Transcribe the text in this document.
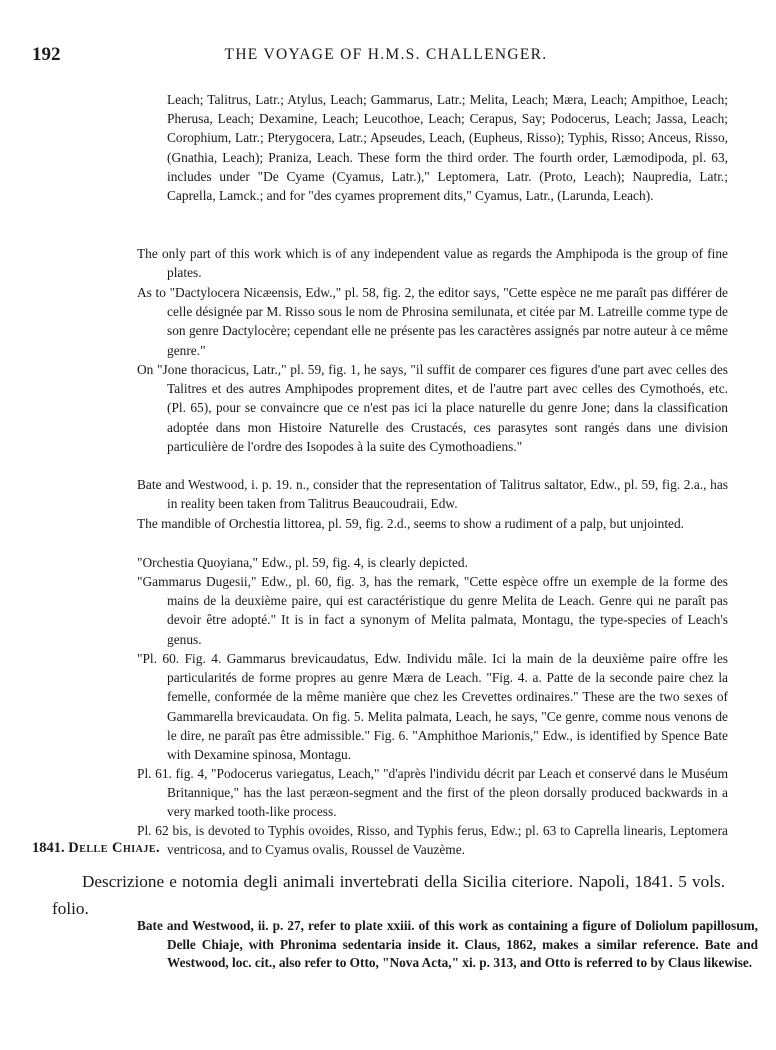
192	THE VOYAGE OF H.M.S. CHALLENGER.

Leach; Talitrus, Latr.; Atylus, Leach; Gammarus, Latr.; Melita, Leach; Mæra, Leach; Ampithoe, Leach; Pherusa, Leach; Dexamine, Leach; Leucothoe, Leach; Cerapus, Say; Podocerus, Leach; Jassa, Leach; Corophium, Latr.; Pterygocera, Latr.; Apseudes, Leach, (Eupheus, Risso); Typhis, Risso; Anceus, Risso, (Gnathia, Leach); Praniza, Leach. These form the third order. The fourth order, Læmodipoda, pl. 63, includes under "De Cyame (Cyamus, Latr.)," Leptomera, Latr. (Proto, Leach); Naupredia, Latr.; Caprella, Lamck.; and for "des cyames proprement dits," Cyamus, Latr., (Larunda, Leach).

The only part of this work which is of any independent value as regards the Amphipoda is the group of fine plates.

As to "Dactylocera Nicæensis, Edw.," pl. 58, fig. 2, the editor says, "Cette espèce ne me paraît pas différer de celle désignée par M. Risso sous le nom de Phrosina semilunata, et citée par M. Latreille comme type de son genre Dactylocère; cependant elle ne présente pas les caractères assignés par notre auteur à ce même genre."

On "Jone thoracicus, Latr.," pl. 59, fig. 1, he says, "il suffit de comparer ces figures d'une part avec celles des Talitres et des autres Amphipodes proprement dites, et de l'autre part avec celles des Cymothoés, etc. (Pl. 65), pour se convaincre que ce n'est pas ici la place naturelle du genre Jone; dans la classification adoptée dans mon Histoire Naturelle des Crustacés, ces parasytes sont rangés dans une division particulière de l'ordre des Isopodes à la suite des Cymothoadiens."

Bate and Westwood, i. p. 19. n., consider that the representation of Talitrus saltator, Edw., pl. 59, fig. 2.a., has in reality been taken from Talitrus Beaucoudraii, Edw.

The mandible of Orchestia littorea, pl. 59, fig. 2.d., seems to show a rudiment of a palp, but unjointed.

"Orchestia Quoyiana," Edw., pl. 59, fig. 4, is clearly depicted.

"Gammarus Dugesii," Edw., pl. 60, fig. 3, has the remark, "Cette espèce offre un exemple de la forme des mains de la deuxième paire, qui est caractéristique du genre Melita de Leach. Genre qui ne paraît pas devoir être adopté." It is in fact a synonym of Melita palmata, Montagu, the type-species of Leach's genus.

"Pl. 60. Fig. 4. Gammarus brevicaudatus, Edw. Individu mâle. Ici la main de la deuxième paire offre les particularités de forme propres au genre Mæra de Leach. "Fig. 4. a. Patte de la seconde paire chez la femelle, conformée de la même manière que chez les Crevettes ordinaires." These are the two sexes of Gammarella brevicaudata. On fig. 5. Melita palmata, Leach, he says, "Ce genre, comme nous venons de le dire, ne paraît pas être admissible." Fig. 6. "Amphithoe Marionis," Edw., is identified by Spence Bate with Dexamine spinosa, Montagu.

Pl. 61. fig. 4, "Podocerus variegatus, Leach," "d'après l'individu décrit par Leach et conservé dans le Muséum Britannique," has the last peræon-segment and the first of the pleon dorsally produced backwards in a very marked tooth-like process.

Pl. 62 bis, is devoted to Typhis ovoides, Risso, and Typhis ferus, Edw.; pl. 63 to Caprella linearis, Leptomera ventricosa, and to Cyamus ovalis, Roussel de Vauzème.

1841. Delle Chiaje.

Descrizione e notomia degli animali invertebrati della Sicilia citeriore. Napoli, 1841. 5 vols. folio.

Bate and Westwood, ii. p. 27, refer to plate xxiii. of this work as containing a figure of Doliolum papillosum, Delle Chiaje, with Phronima sedentaria inside it. Claus, 1862, makes a similar reference. Bate and Westwood, loc. cit., also refer to Otto, "Nova Acta," xi. p. 313, and Otto is referred to by Claus likewise.
